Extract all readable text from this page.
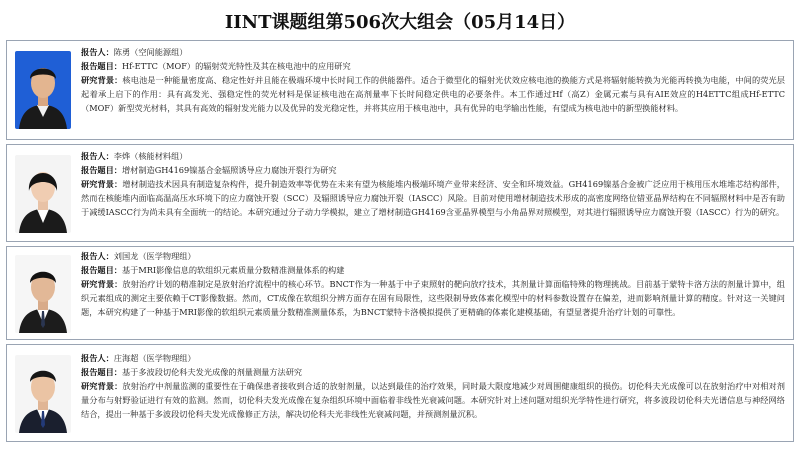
IINT课题组第506次大组会（05月14日）
报告人：陈勇（空间能源组）
报告题目：Hf-ETTC（MOF）的辐射荧光特性及其在核电池中的应用研究
研究背景：核电池是一种能量密度高、稳定性好并且能在极端环境中长时间工作的供能器件。适合于微型化的辐射光伏效应核电池的换能方式是将辐射能转换为光能再转换为电能，中间的荧光层起着承上启下的作用：具有高发光、强稳定性的荧光材料是保证核电池在高剂量率下长时间稳定供电的必要条件。本工作通过Hf（高Z）金属元素与具有AIE效应的H4ETTC组成Hf-ETTC（MOF）新型荧光材料，其具有高效的辐射发光能力以及优异的发光稳定性，并将其应用于核电池中，具有优异的电学输出性能，有望成为核电池中的新型换能材料。
报告人：李烨（核能材料组）
报告题目：增材制造GH4169镍基合金辐照诱导应力腐蚀开裂行为研究
研究背景：增材制造技术因具有制造复杂构件，提升制造效率等优势在未来有望为核能堆内极端环境产业带来经济、安全和环境效益。GH4169镍基合金被广泛应用于核用压水堆堆芯结构部件，然而在核能堆内面临高温高压水环境下的应力腐蚀开裂（SCC）及辐照诱导应力腐蚀开裂（IASCC）风险。目前对使用增材制造技术形成的高密度网络位错亚晶界结构在不同辐照材料中是否有助于减缓IASCC行为尚未具有全面统一的结论。本研究通过分子动力学模拟，建立了增材制造GH4169含亚晶界模型与小角晶界对照模型，对其进行辐照诱导应力腐蚀开裂（IASCC）行为的研究。
报告人：刘国龙（医学物理组）
报告题目：基于MRI影像信息的软组织元素质量分数精准测量体系的构建
研究背景：放射治疗计划的精准制定是放射治疗流程中的核心环节。BNCT作为一种基于中子束照射的靶向放疗技术，其剂量计算面临特殊的物理挑战。目前基于蒙特卡洛方法的剂量计算中，组织元素组成的测定主要依赖于CT影像数据。然而，CT成像在软组织分辨方面存在固有局限性，这些限制导致体素化模型中的材料参数设置存在偏差，进而影响剂量计算的精度。针对这一关键问题，本研究构建了一种基于MRI影像的软组织元素质量分数精准测量体系，为BNCT蒙特卡洛模拟提供了更精确的体素化建模基础，有望显著提升治疗计划的可靠性。
报告人：庄海超（医学物理组）
报告题目：基于多波段切伦科夫发光成像的剂量测量方法研究
研究背景：放射治疗中剂量监测的重要性在于确保患者接收到合适的放射剂量，以达到最佳的治疗效果，同时最大限度地减少对周围健康组织的损伤。切伦科夫光成像可以在放射治疗中对相对剂量分布与射野验证进行有效的监测。然而，切伦科夫发光成像在复杂组织环境中面临着非线性光衰减问题。本研究针对上述问题对组织光学特性进行研究，将多波段切伦科夫光谱信息与神经网络结合，提出一种基于多波段切伦科夫发光成像修正方法，解决切伦科夫光非线性光衰减问题，并预测剂量沉积。
